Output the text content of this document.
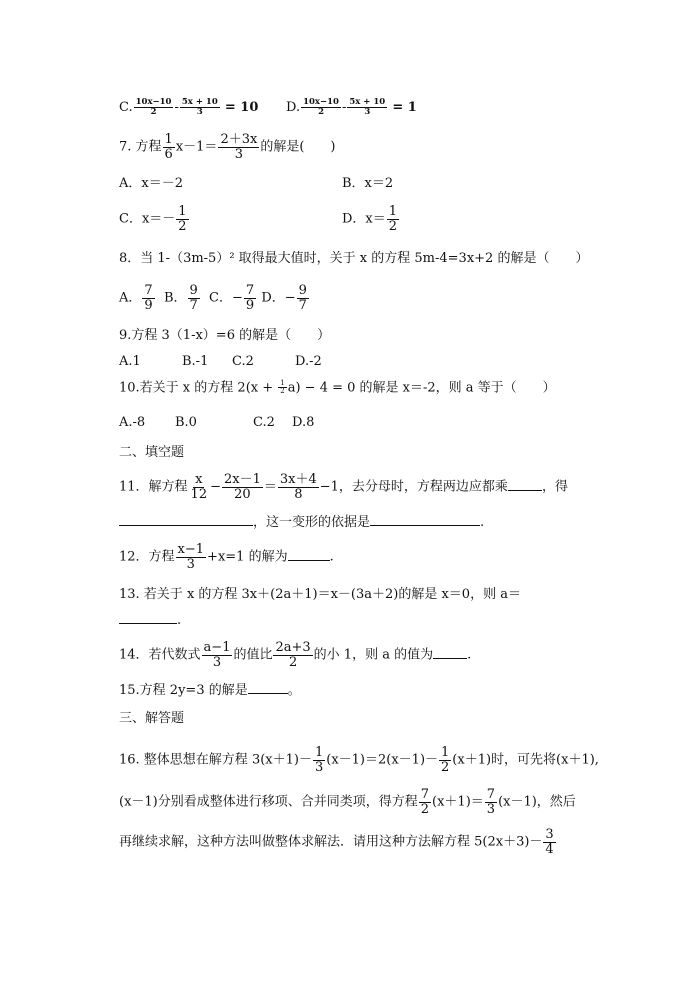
C. $\frac{10x-10}{2} - \frac{5x + 10}{3} = 10$ D. $\frac{10x-10}{2} - \frac{5x + 10}{3} = 1$
7. 方程 $\frac{1}{6} x-1= \frac{2+3x}{3}$ 的解是(　　)
A．x＝－2	B．x＝2
C．$x=- \frac{1}{2}$	D．$x= \frac{1}{2}$
8．当 1-（3m-5）² 取得最大值时，关于 x 的方程 5m-4=3x+2 的解是（　　）
A． $\frac{7}{9}$ B． $\frac{9}{7}$ C．− $\frac{7}{9}$ D．− $\frac{9}{7}$
9.方程 3（1-x）=6 的解是（　　）
A.1	B.-1 C.2	D.-2
10.若关于 x 的方程 $2(x + \frac{1}{2} a) - 4 = 0$ 的解是 x＝-2，则 a 等于（　　）
A.-8 B.0	C.2 D.8
二、填空题
11．解方程 $\frac{x}{12} - \frac{2x-1}{20} = \frac{3x+4}{8} -1$，去分母时，方程两边应都乘	，得
，这一变形的依据是	.
12．方程 $\frac{x-1}{3} +x=1$ 的解为	.
13. 若关于 x 的方程 3x＋(2a＋1)＝x－(3a＋2)的解是 x＝0，则 a＝
.
14．若代数式 $\frac{a-1}{3}$ 的值比 $\frac{2a+3}{2}$ 的小 1，则 a 的值为	.
15.方程 2y=3 的解是	。
三、解答题
16. 整体思想在解方程 $3(x+1)- \frac{1}{3} (x-1)=2(x-1)- \frac{1}{2} (x+1)$时，可先将(x＋1),
(x－1)分别看成整体进行移项、合并同类项，得方程 $\frac{7}{2} (x+1)= \frac{7}{3} (x-1)$，然后
再继续求解，这种方法叫做整体求解法．请用这种方法解方程 $5(2x+3)- \frac{3}{4}$
